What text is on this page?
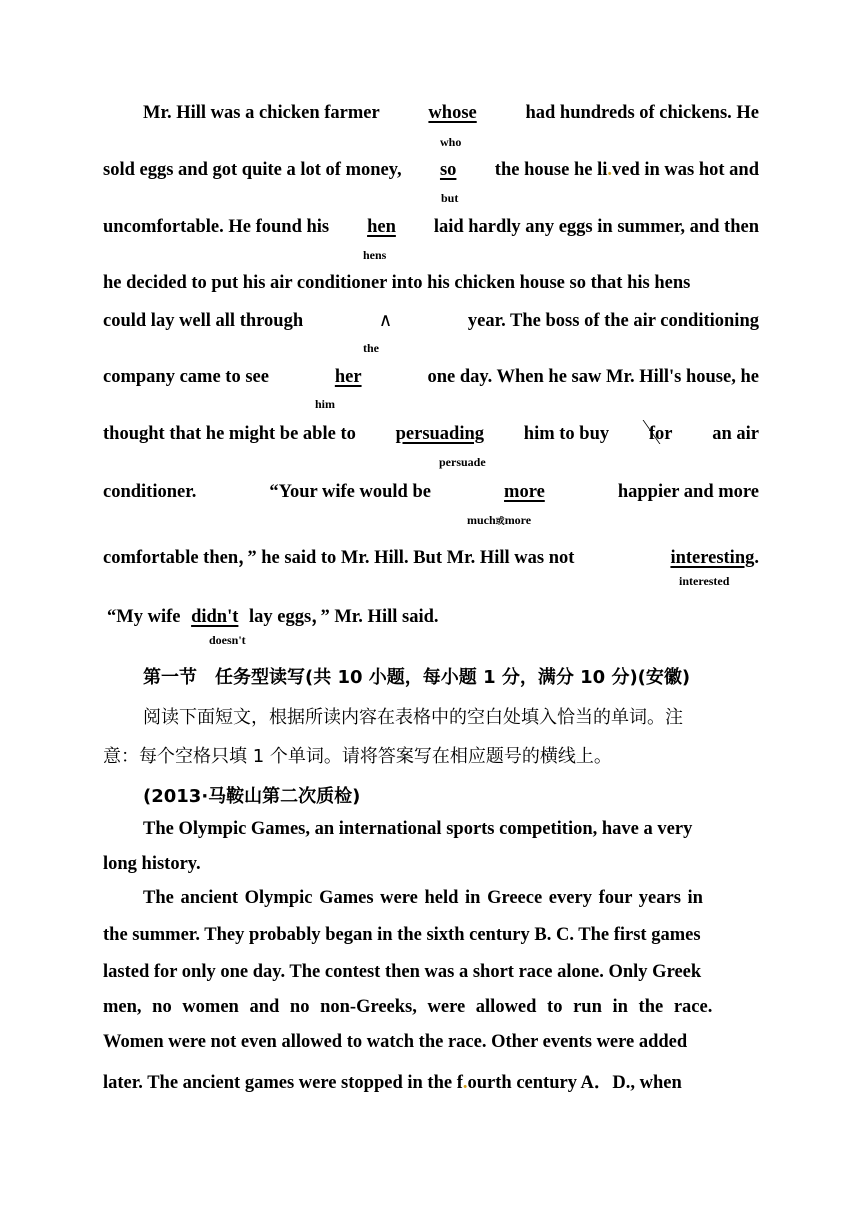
Mr. Hill was a chicken farmer	whose	had hundreds of chickens. He
who
sold eggs and got quite a lot of money, so the house he li.ved in was hot and
but
uncomfortable. He found his hen laid hardly any eggs in summer, and then
hens
he decided to put his air conditioner into his chicken house so that his hens
could lay well all through	∧	year. The boss of the air conditioning
the
company came to see	her	one day. When he saw Mr. Hill's house, he
him
thought that he might be able to persuading him to buy for an air
persuade
conditioner.	“Your wife would be	more	happier and more
much或more
comfortable then，” he said to Mr. Hill. But Mr. Hill was not	interesting.
interested
“My wife didn't lay eggs，” Mr. Hill said.
doesn't
第一节　任务型读写(共 10 小题，每小题 1 分，满分 10 分)(安徽)
阅读下面短文，根据所读内容在表格中的空白处填入恰当的单词。注
意：每个空格只填 1 个单词。请将答案写在相应题号的横线上。
(2013·马鞍山第二次质检)
The Olympic Games, an international sports competition, have a very
long history.
The ancient Olympic Games were held in Greece every four years in
the summer. They probably began in the sixth century B. C. The first games
lasted for only one day. The contest then was a short race alone. Only Greek
men, no women and no non-Greeks, were allowed to run in the race.
Women were not even allowed to watch the race. Other events were added
later. The ancient games were stopped in the f.ourth century A．D., when
